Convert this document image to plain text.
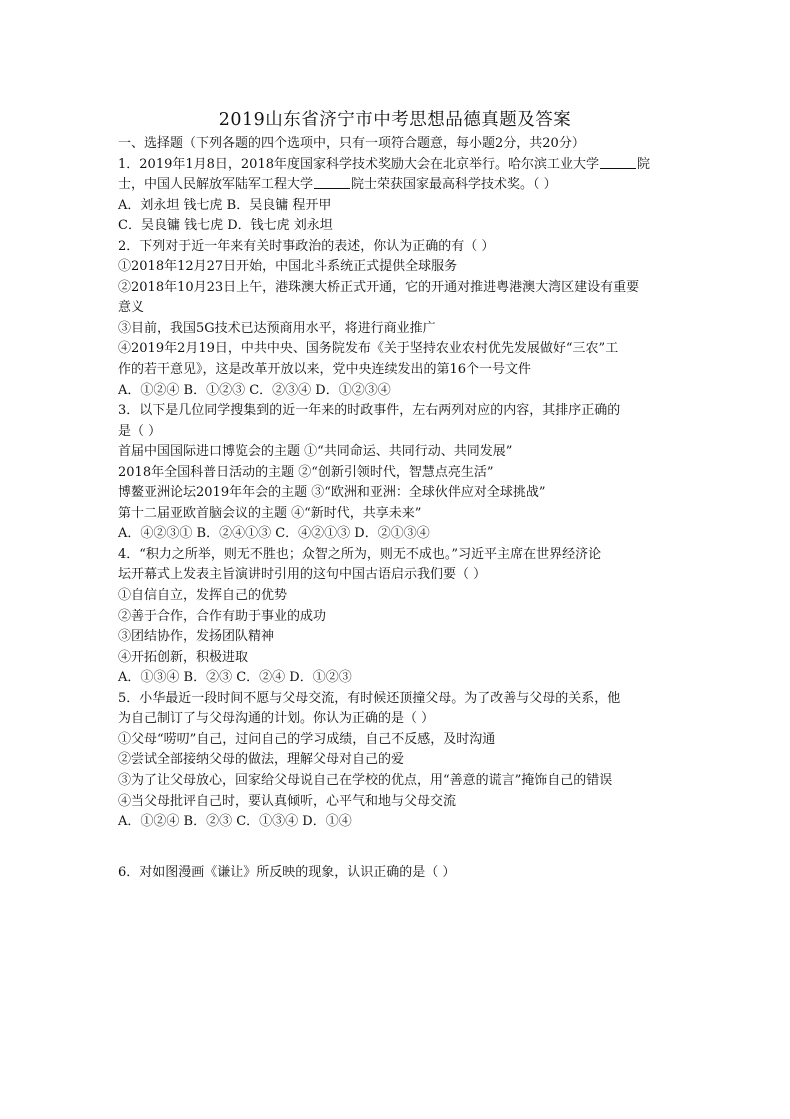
2019山东省济宁市中考思想品德真题及答案
一、选择题（下列各题的四个选项中，只有一项符合题意，每小题2分，共20分）
1．2019年1月8日，2018年度国家科学技术奖励大会在北京举行。哈尔滨工业大学	院
士，中国人民解放军陆军工程大学	院士荣获国家最高科学技术奖。（ ）
A．刘永坦 钱七虎 B．吴良镛 程开甲
C．吴良镛 钱七虎 D．钱七虎 刘永坦
2．下列对于近一年来有关时事政治的表述，你认为正确的有（ ）
①2018年12月27日开始，中国北斗系统正式提供全球服务
②2018年10月23日上午，港珠澳大桥正式开通，它的开通对推进粤港澳大湾区建设有重要
意义
③目前，我国5G技术已达预商用水平，将进行商业推广
④2019年2月19日，中共中央、国务院发布《关于坚持农业农村优先发展做好“三农”工
作的若干意见》，这是改革开放以来，党中央连续发出的第16个一号文件
A．①②④ B．①②③ C．②③④ D．①②③④
3．以下是几位同学搜集到的近一年来的时政事件，左右两列对应的内容，其排序正确的
是（ ）
首届中国国际进口博览会的主题 ①“共同命运、共同行动、共同发展”
2018年全国科普日活动的主题 ②“创新引领时代，智慧点亮生活”
博鳌亚洲论坛2019年年会的主题 ③“欧洲和亚洲：全球伙伴应对全球挑战”
第十二届亚欧首脑会议的主题 ④“新时代，共享未来”
A．④②③① B．②④①③ C．④②①③ D．②①③④
4．“积力之所举，则无不胜也；众智之所为，则无不成也。”习近平主席在世界经济论
坛开幕式上发表主旨演讲时引用的这句中国古语启示我们要（ ）
①自信自立，发挥自己的优势
②善于合作，合作有助于事业的成功
③团结协作，发扬团队精神
④开拓创新，积极进取
A．①③④ B．②③ C．②④ D．①②③
5．小华最近一段时间不愿与父母交流，有时候还顶撞父母。为了改善与父母的关系，他
为自己制订了与父母沟通的计划。你认为正确的是（ ）
①父母“唠叨”自己，过问自己的学习成绩，自己不反感，及时沟通
②尝试全部接纳父母的做法，理解父母对自己的爱
③为了让父母放心，回家给父母说自己在学校的优点，用“善意的谎言”掩饰自己的错误
④当父母批评自己时，要认真倾听，心平气和地与父母交流
A．①②④ B．②③ C．①③④ D．①④
6．对如图漫画《谦让》所反映的现象，认识正确的是（ ）
